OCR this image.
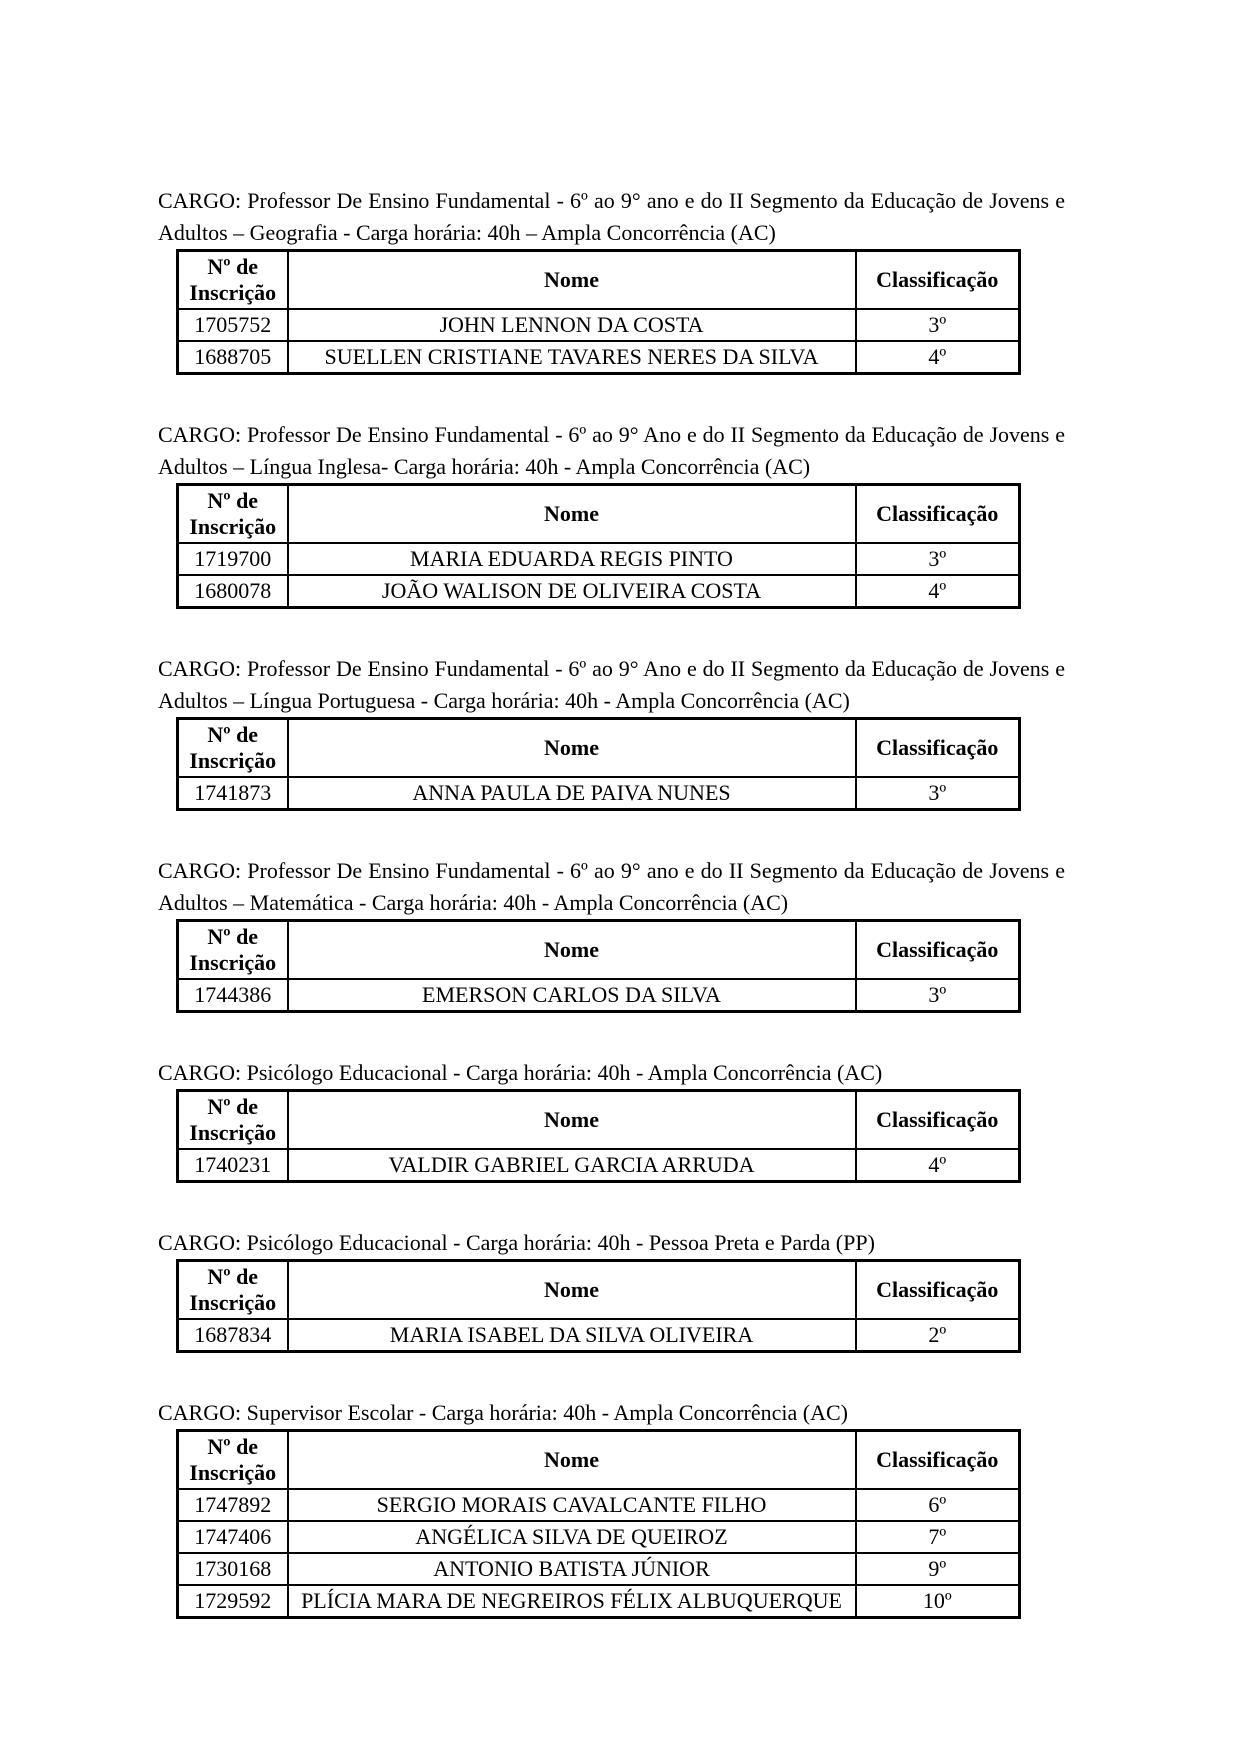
CARGO: Professor De Ensino Fundamental - 6º ao 9° ano e do II Segmento da Educação de Jovens e Adultos – Geografia - Carga horária: 40h – Ampla Concorrência (AC)

Nº de
Inscrição	Nome	Classificação
1705752	JOHN LENNON DA COSTA	3º
1688705	SUELLEN CRISTIANE TAVARES NERES DA SILVA	4º

CARGO: Professor De Ensino Fundamental - 6º ao 9° Ano e do II Segmento da Educação de Jovens e Adultos – Língua Inglesa- Carga horária: 40h - Ampla Concorrência (AC)

Nº de
Inscrição	Nome	Classificação
1719700	MARIA EDUARDA REGIS PINTO	3º
1680078	JOÃO WALISON DE OLIVEIRA COSTA	4º

CARGO: Professor De Ensino Fundamental - 6º ao 9° Ano e do II Segmento da Educação de Jovens e Adultos – Língua Portuguesa - Carga horária: 40h - Ampla Concorrência (AC)

Nº de
Inscrição	Nome	Classificação
1741873	ANNA PAULA DE PAIVA NUNES	3º

CARGO: Professor De Ensino Fundamental - 6º ao 9° ano e do II Segmento da Educação de Jovens e Adultos – Matemática - Carga horária: 40h - Ampla Concorrência (AC)

Nº de
Inscrição	Nome	Classificação
1744386	EMERSON CARLOS DA SILVA	3º

CARGO: Psicólogo Educacional - Carga horária: 40h - Ampla Concorrência (AC)

Nº de
Inscrição	Nome	Classificação
1740231	VALDIR GABRIEL GARCIA ARRUDA	4º

CARGO: Psicólogo Educacional - Carga horária: 40h - Pessoa Preta e Parda (PP)

Nº de
Inscrição	Nome	Classificação
1687834	MARIA ISABEL DA SILVA OLIVEIRA	2º

CARGO: Supervisor Escolar - Carga horária: 40h - Ampla Concorrência (AC)

Nº de
Inscrição	Nome	Classificação
1747892	SERGIO MORAIS CAVALCANTE FILHO	6º
1747406	ANGÉLICA SILVA DE QUEIROZ	7º
1730168	ANTONIO BATISTA JÚNIOR	9º
1729592	PLÍCIA MARA DE NEGREIROS FÉLIX ALBUQUERQUE	10º
